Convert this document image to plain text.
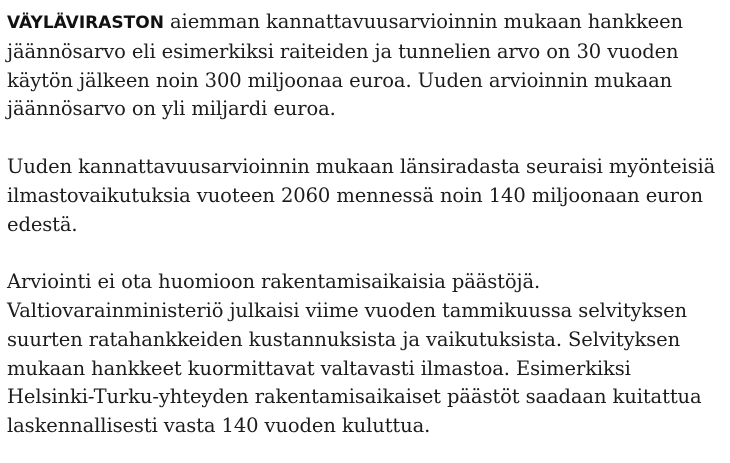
VÄYLÄVIRASTON aiemman kannattavuusarvioinnin mukaan hankkeen jäännösarvo eli esimerkiksi raiteiden ja tunnelien arvo on 30 vuoden käytön jälkeen noin 300 miljoonaa euroa. Uuden arvioinnin mukaan jäännösarvo on yli miljardi euroa.

Uuden kannattavuusarvioinnin mukaan länsiradasta seuraisi myönteisiä ilmastovaikutuksia vuoteen 2060 mennessä noin 140 miljoonaan euron edestä.

Arviointi ei ota huomioon rakentamisaikaisia päästöjä. Valtiovarainministeriö julkaisi viime vuoden tammikuussa selvityksen suurten ratahankkeiden kustannuksista ja vaikutuksista. Selvityksen mukaan hankkeet kuormittavat valtavasti ilmastoa. Esimerkiksi Helsinki-Turku-yhteyden rakentamisaikaiset päästöt saadaan kuitattua laskennallisesti vasta 140 vuoden kuluttua.
